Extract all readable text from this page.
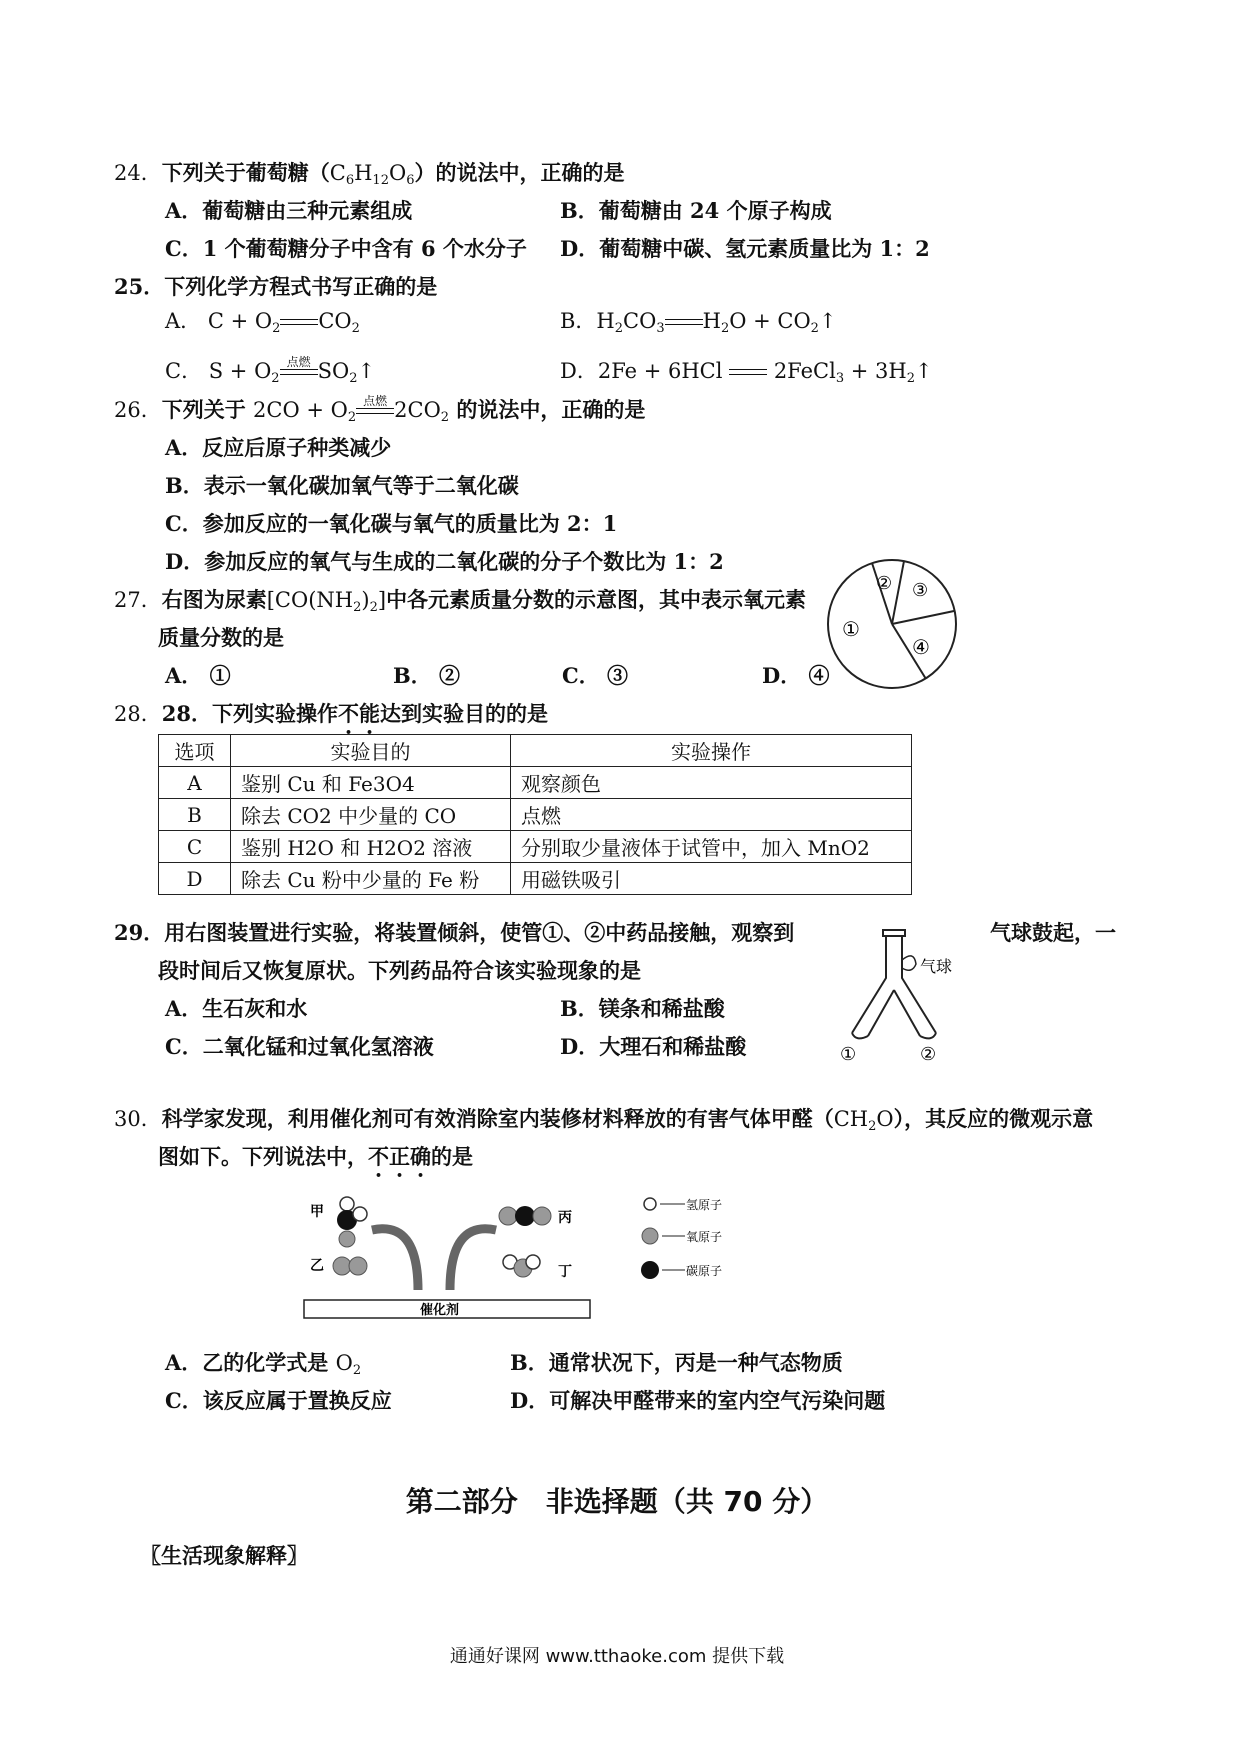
24．下列关于葡萄糖$(C_6H_{12}O_6)$的说法中，正确的是
A．葡萄糖由三种元素组成	B．葡萄糖由 24 个原子构成
C．1 个葡萄糖分子中含有 6 个水分子 D．葡萄糖中碳、氢元素质量比为 1：2
25．下列化学方程式书写正确的是
A． $C + O_2$ $CO_2$	B．$H_2CO_3$ $H_2O$ + $CO_2↑$
C． $S + O_2$
点燃 $SO_2↑$	D．2Fe + 6HCl  2FeCl$_3$ + $3H_2↑$
26．下列关于 $2CO + O_2$
点燃 $2CO_2$ 的说法中，正确的是
A．反应后原子种类减少
B．表示一氧化碳加氧气等于二氧化碳
C．参加反应的一氧化碳与氧气的质量比为 2：1
D．参加反应的氧气与生成的二氧化碳的分子个数比为 1：2
27．右图为尿素$[CO(NH_2)_2]$中各元素质量分数的示意图，其中表示氧元素
质量分数的是
A． ①	B． ②	C． ③	D． ④
①
② ③
④
28．28．下列实验操作不能达到实验目的的是
选项	实验目的	实验操作
A	鉴别 Cu 和 Fe3O4	观察颜色
B	除去 CO2 中少量的 CO	点燃
C	鉴别 H2O 和 H2O2 溶液	分别取少量液体于试管中，加入 MnO2
D	除去 Cu 粉中少量的 Fe 粉	用磁铁吸引
29．用右图装置进行实验，将装置倾斜，使管①、②中药品接触，观察到	气球鼓起，一
段时间后又恢复原状。下列药品符合该实验现象的是
A．生石灰和水	B．镁条和稀盐酸
C．二氧化锰和过氧化氢溶液	D．大理石和稀盐酸
气球
①	②
30．科学家发现，利用催化剂可有效消除室内装修材料释放的有害气体甲醛$(CH_2O)$，其反应的微观示意
图如下。下列说法中，不正确的是
甲
乙
丙
丁
催化剂
氢原子
氧原子
碳原子
A．乙的化学式是 $O_2$	B．通常状况下，丙是一种气态物质
C．该反应属于置换反应	D．可解决甲醛带来的室内空气污染问题
第二部分　非选择题（共 70 分）
〖生活现象解释〗
通通好课网 www.tthaoke.com 提供下载
